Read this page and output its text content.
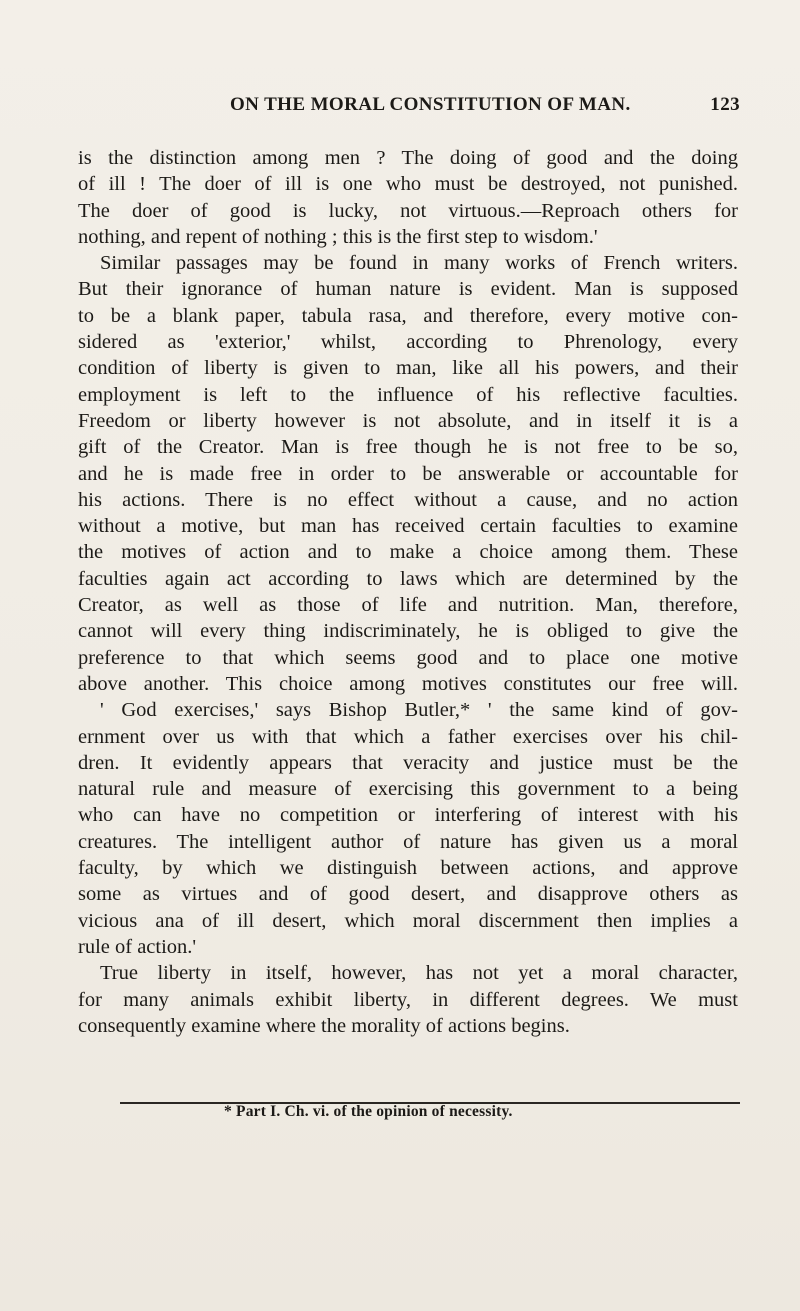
ON THE MORAL CONSTITUTION OF MAN.	123
is the distinction among men ? The doing of good and the doing
of ill ! The doer of ill is one who must be destroyed, not punished.
The doer of good is lucky, not virtuous.—Reproach others for
nothing, and repent of nothing ; this is the first step to wisdom.'
Similar passages may be found in many works of French writers.
But their ignorance of human nature is evident. Man is supposed
to be a blank paper, tabula rasa, and therefore, every motive con-
sidered as 'exterior,' whilst, according to Phrenology, every
condition of liberty is given to man, like all his powers, and their
employment is left to the influence of his reflective faculties.
Freedom or liberty however is not absolute, and in itself it is a
gift of the Creator. Man is free though he is not free to be so,
and he is made free in order to be answerable or accountable for
his actions. There is no effect without a cause, and no action
without a motive, but man has received certain faculties to examine
the motives of action and to make a choice among them. These
faculties again act according to laws which are determined by the
Creator, as well as those of life and nutrition. Man, therefore,
cannot will every thing indiscriminately, he is obliged to give the
preference to that which seems good and to place one motive
above another. This choice among motives constitutes our free will.
' God exercises,' says Bishop Butler,* ' the same kind of gov-
ernment over us with that which a father exercises over his chil-
dren. It evidently appears that veracity and justice must be the
natural rule and measure of exercising this government to a being
who can have no competition or interfering of interest with his
creatures. The intelligent author of nature has given us a moral
faculty, by which we distinguish between actions, and approve
some as virtues and of good desert, and disapprove others as
vicious ana of ill desert, which moral discernment then implies a
rule of action.'
True liberty in itself, however, has not yet a moral character,
for many animals exhibit liberty, in different degrees. We must
consequently examine where the morality of actions begins.
* Part I. Ch. vi. of the opinion of necessity.
